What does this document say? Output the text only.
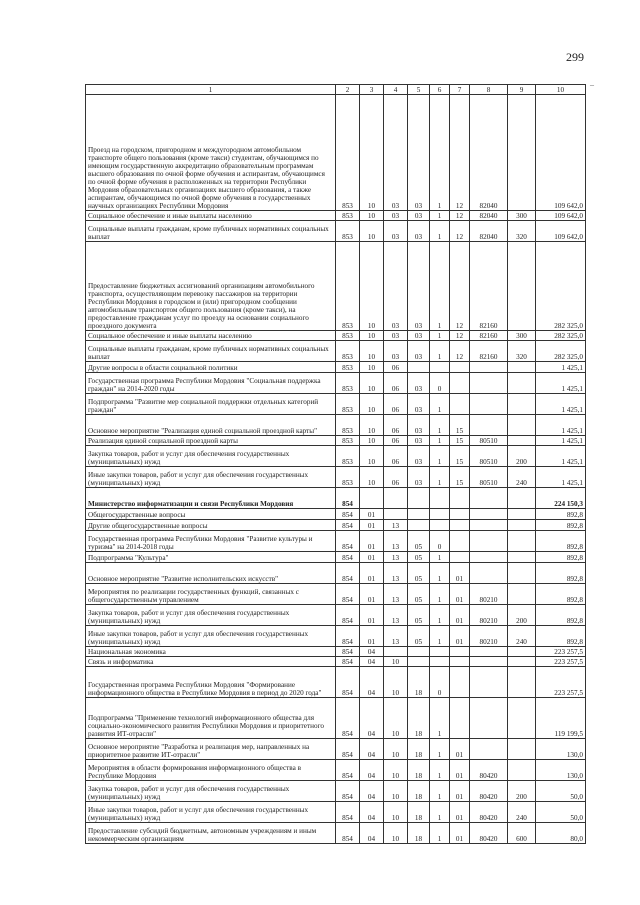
299
–
1	2	3	4	5	6	7	8	9	10
Проезд на городском, пригородном и междугородном автомобильном транспорте общего пользования (кроме такси) студентам, обучающимся по имеющим государственную аккредитацию образовательным программам высшего образования по очной форме обучения и аспирантам, обучающимся по очной форме обучения в расположенных на территории Республики Мордовия образовательных организациях высшего образования, а также аспирантам, обучающимся по очной форме обучения в государственных научных организациях Республики Мордовия	853	10	03	03	1	12	82040		109 642,0
Социальное обеспечение и иные выплаты населению	853	10	03	03	1	12	82040	300	109 642,0
Социальные выплаты гражданам, кроме публичных нормативных социальных выплат	853	10	03	03	1	12	82040	320	109 642,0
Предоставление бюджетных ассигнований организациям автомобильного транспорта, осуществляющим перевозку пассажиров на территории Республики Мордовия в городском и (или) пригородном сообщении автомобильным транспортом общего пользования (кроме такси), на предоставление гражданам услуг по проезду на основании социального проездного документа	853	10	03	03	1	12	82160		282 325,0
Социальное обеспечение и иные выплаты населению	853	10	03	03	1	12	82160	300	282 325,0
Социальные выплаты гражданам, кроме публичных нормативных социальных выплат	853	10	03	03	1	12	82160	320	282 325,0
Другие вопросы в области социальной политики	853	10	06						1 425,1
Государственная программа Республики Мордовия "Социальная поддержка граждан" на 2014-2020 годы	853	10	06	03	0				1 425,1
Подпрограмма "Развитие мер социальной поддержки отдельных категорий граждан"	853	10	06	03	1				1 425,1
Основное мероприятие "Реализация единой социальной проездной карты"	853	10	06	03	1	15			1 425,1
Реализация единой социальной проездной карты	853	10	06	03	1	15	80510		1 425,1
Закупка товаров, работ и услуг для обеспечения государственных (муниципальных) нужд	853	10	06	03	1	15	80510	200	1 425,1
Иные закупки товаров, работ и услуг для обеспечения государственных (муниципальных) нужд	853	10	06	03	1	15	80510	240	1 425,1
Министерство информатизации и связи Республики Мордовия	854								224 150,3
Общегосударственные вопросы	854	01							892,8
Другие общегосударственные вопросы	854	01	13						892,8
Государственная программа Республики Мордовия "Развитие культуры и туризма" на 2014-2018 годы	854	01	13	05	0				892,8
Подпрограмма "Культура"	854	01	13	05	1				892,8
Основное мероприятие "Развитие исполнительских искусств"	854	01	13	05	1	01			892,8
Мероприятия по реализации государственных функций, связанных с общегосударственным управлением	854	01	13	05	1	01	80210		892,8
Закупка товаров, работ и услуг для обеспечения государственных (муниципальных) нужд	854	01	13	05	1	01	80210	200	892,8
Иные закупки товаров, работ и услуг для обеспечения государственных (муниципальных) нужд	854	01	13	05	1	01	80210	240	892,8
Национальная экономика	854	04							223 257,5
Связь и информатика	854	04	10						223 257,5
Государственная программа Республики Мордовия "Формирование информационного общества в Республике Мордовия в период до 2020 года"	854	04	10	18	0				223 257,5
Подпрограмма "Применение технологий информационного общества для социально-экономического развития Республики Мордовия и приоритетного развития ИТ-отрасли"	854	04	10	18	1				119 199,5
Основное мероприятие "Разработка и реализация мер, направленных на приоритетное развитие ИТ-отрасли"	854	04	10	18	1	01			130,0
Мероприятия в области формирования информационного общества в Республике Мордовия	854	04	10	18	1	01	80420		130,0
Закупка товаров, работ и услуг для обеспечения государственных (муниципальных) нужд	854	04	10	18	1	01	80420	200	50,0
Иные закупки товаров, работ и услуг для обеспечения государственных (муниципальных) нужд	854	04	10	18	1	01	80420	240	50,0
Предоставление субсидий бюджетным, автономным учреждениям и иным некоммерческим организациям	854	04	10	18	1	01	80420	600	80,0
